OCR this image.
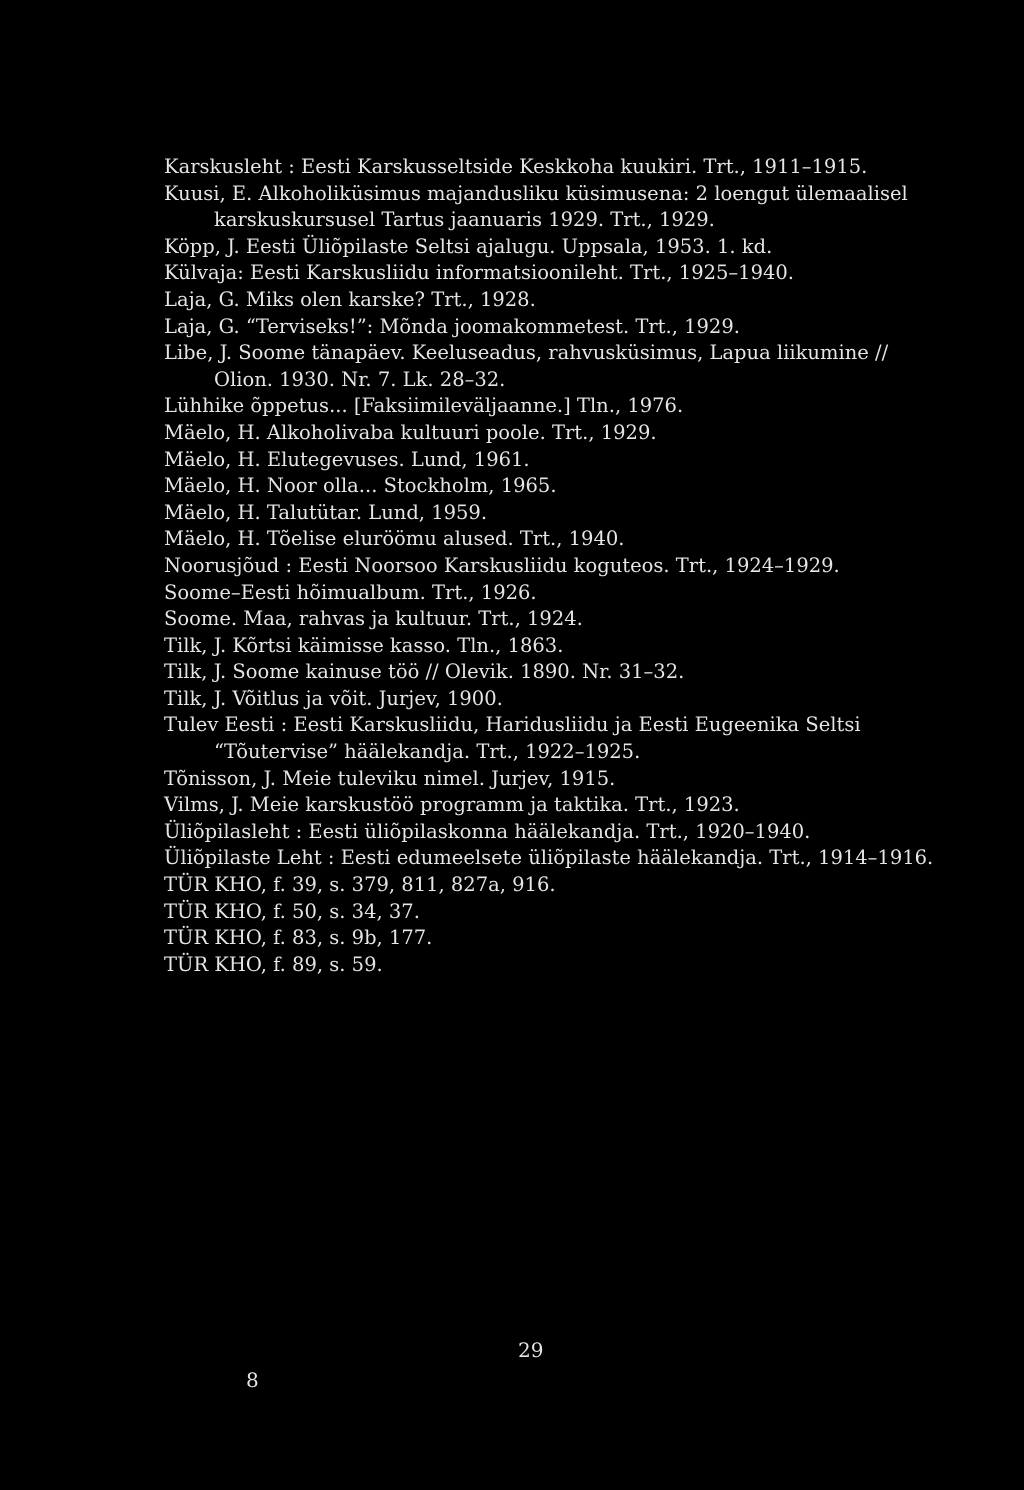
Karskusleht : Eesti Karskusseltside Keskkoha kuukiri. Trt., 1911–1915.
Kuusi, E. Alkoholiküsimus majandusliku küsimusena: 2 loengut ülemaalisel karskuskursusel Tartus jaanuaris 1929. Trt., 1929.
Köpp, J. Eesti Üliõpilaste Seltsi ajalugu. Uppsala, 1953. 1. kd.
Külvaja: Eesti Karskusliidu informatsioonileht. Trt., 1925–1940.
Laja, G. Miks olen karske? Trt., 1928.
Laja, G. “Terviseks!”: Mõnda joomakommetest. Trt., 1929.
Libe, J. Soome tänapäev. Keeluseadus, rahvusküsimus, Lapua liikumine // Olion. 1930. Nr. 7. Lk. 28–32.
Lühhike õppetus... [Faksiimileväljaanne.] Tln., 1976.
Mäelo, H. Alkoholivaba kultuuri poole. Trt., 1929.
Mäelo, H. Elutegevuses. Lund, 1961.
Mäelo, H. Noor olla... Stockholm, 1965.
Mäelo, H. Talutütar. Lund, 1959.
Mäelo, H. Tõelise eluröömu alused. Trt., 1940.
Noorusjõud : Eesti Noorsoo Karskusliidu koguteos. Trt., 1924–1929.
Soome–Eesti hõimualbum. Trt., 1926.
Soome. Maa, rahvas ja kultuur. Trt., 1924.
Tilk, J. Kõrtsi käimisse kasso. Tln., 1863.
Tilk, J. Soome kainuse töö // Olevik. 1890. Nr. 31–32.
Tilk, J. Võitlus ja võit. Jurjev, 1900.
Tulev Eesti : Eesti Karskusliidu, Haridusliidu ja Eesti Eugeenika Seltsi “Tõutervise” häälekandja. Trt., 1922–1925.
Tõnisson, J. Meie tuleviku nimel. Jurjev, 1915.
Vilms, J. Meie karskustöö programm ja taktika. Trt., 1923.
Üliõpilasleht : Eesti üliõpilaskonna häälekandja. Trt., 1920–1940.
Üliõpilaste Leht : Eesti edumeelsete üliõpilaste häälekandja. Trt., 1914–1916.
TÜR KHO, f. 39, s. 379, 811, 827a, 916.
TÜR KHO, f. 50, s. 34, 37.
TÜR KHO, f. 83, s. 9b, 177.
TÜR KHO, f. 89, s. 59.
8
29
